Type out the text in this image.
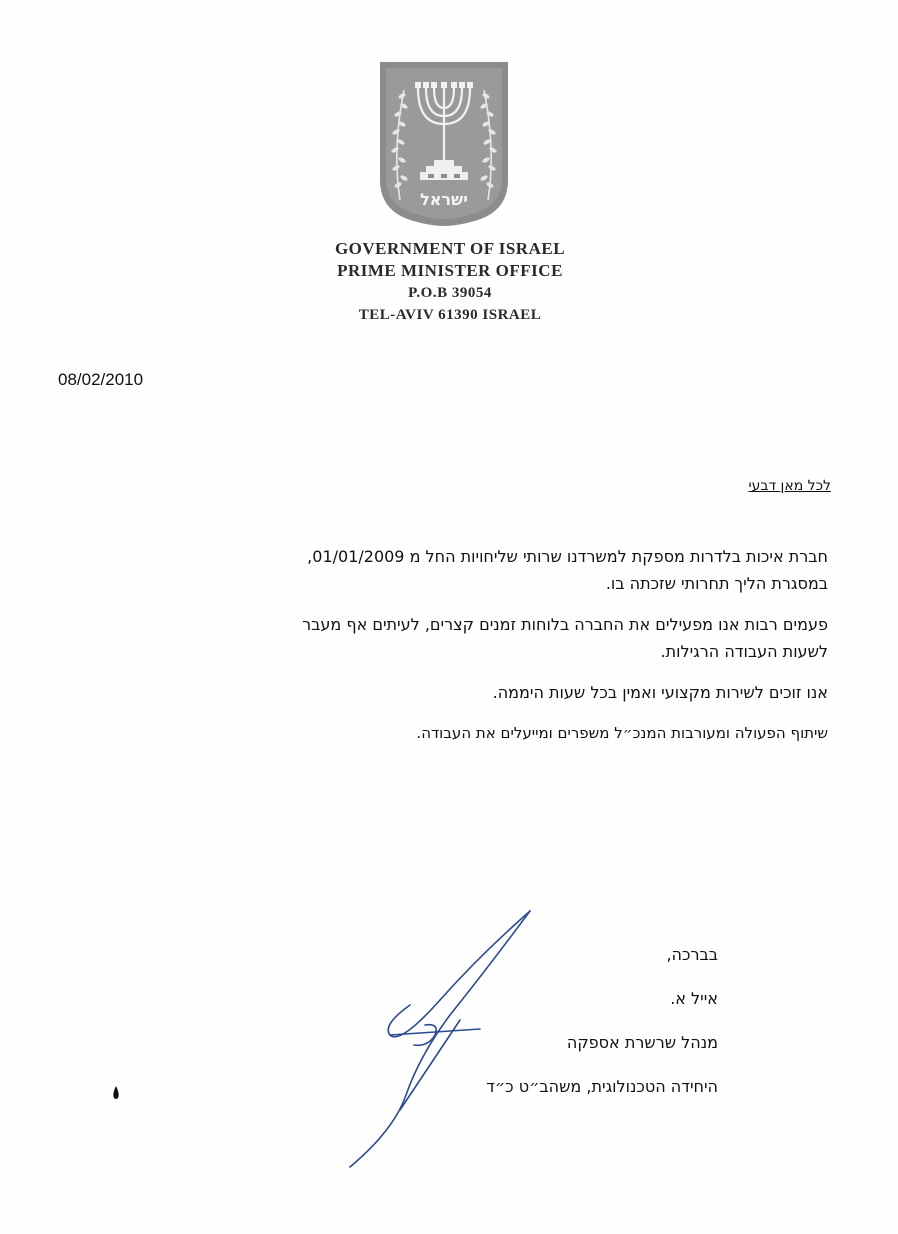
ישראל
GOVERNMENT OF ISRAEL
PRIME MINISTER OFFICE
P.O.B 39054
TEL-AVIV 61390 ISRAEL
08/02/2010
לכל מאן דבעי

חברת איכות בלדרות מספקת למשרדנו שרותי שליחויות החל מ 01/01/2009,
במסגרת הליך תחרותי שזכתה בו.

פעמים רבות אנו מפעילים את החברה בלוחות זמנים קצרים, לעיתים אף מעבר
לשעות העבודה הרגילות.

אנו זוכים לשירות מקצועי ואמין בכל שעות היממה.

שיתוף הפעולה ומעורבות המנכ״ל משפרים ומייעלים את העבודה.

בברכה,
אייל א.
מנהל שרשרת אספקה
היחידה הטכנולוגית, משהב״ט כ״ד
